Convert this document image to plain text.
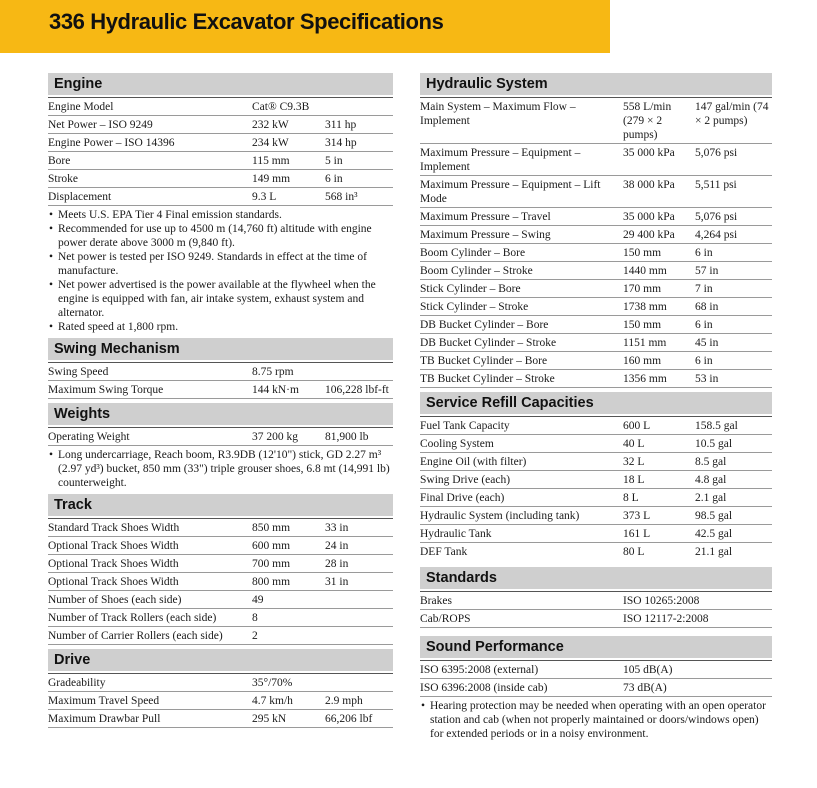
336 Hydraulic Excavator Specifications
Engine
Engine Model	Cat® C9.3B	
Net Power – ISO 9249	232 kW	311 hp
Engine Power – ISO 14396	234 kW	314 hp
Bore	115 mm	5 in
Stroke	149 mm	6 in
Displacement	9.3 L	568 in³
• Meets U.S. EPA Tier 4 Final emission standards.
• Recommended for use up to 4500 m (14,760 ft) altitude with engine power derate above 3000 m (9,840 ft).
• Net power is tested per ISO 9249. Standards in effect at the time of manufacture.
• Net power advertised is the power available at the flywheel when the engine is equipped with fan, air intake system, exhaust system and alternator.
• Rated speed at 1,800 rpm.
Swing Mechanism
Swing Speed	8.75 rpm	
Maximum Swing Torque	144 kN·m	106,228 lbf-ft
Weights
Operating Weight	37 200 kg	81,900 lb
• Long undercarriage, Reach boom, R3.9DB (12'10") stick, GD 2.27 m³ (2.97 yd³) bucket, 850 mm (33") triple grouser shoes, 6.8 mt (14,991 lb) counterweight.
Track
Standard Track Shoes Width	850 mm	33 in
Optional Track Shoes Width	600 mm	24 in
Optional Track Shoes Width	700 mm	28 in
Optional Track Shoes Width	800 mm	31 in
Number of Shoes (each side)	49	
Number of Track Rollers (each side)	8	
Number of Carrier Rollers (each side)	2	
Drive
Gradeability	35°/70%	
Maximum Travel Speed	4.7 km/h	2.9 mph
Maximum Drawbar Pull	295 kN	66,206 lbf
Hydraulic System
Main System – Maximum Flow – Implement	558 L/min (279 × 2 pumps)	147 gal/min (74 × 2 pumps)
Maximum Pressure – Equipment – Implement	35 000 kPa	5,076 psi
Maximum Pressure – Equipment – Lift Mode	38 000 kPa	5,511 psi
Maximum Pressure – Travel	35 000 kPa	5,076 psi
Maximum Pressure – Swing	29 400 kPa	4,264 psi
Boom Cylinder – Bore	150 mm	6 in
Boom Cylinder – Stroke	1440 mm	57 in
Stick Cylinder – Bore	170 mm	7 in
Stick Cylinder – Stroke	1738 mm	68 in
DB Bucket Cylinder – Bore	150 mm	6 in
DB Bucket Cylinder – Stroke	1151 mm	45 in
TB Bucket Cylinder – Bore	160 mm	6 in
TB Bucket Cylinder – Stroke	1356 mm	53 in
Service Refill Capacities
Fuel Tank Capacity	600 L	158.5 gal
Cooling System	40 L	10.5 gal
Engine Oil (with filter)	32 L	8.5 gal
Swing Drive (each)	18 L	4.8 gal
Final Drive (each)	8 L	2.1 gal
Hydraulic System (including tank)	373 L	98.5 gal
Hydraulic Tank	161 L	42.5 gal
DEF Tank	80 L	21.1 gal
Standards
Brakes	ISO 10265:2008
Cab/ROPS	ISO 12117-2:2008
Sound Performance
ISO 6395:2008 (external)	105 dB(A)
ISO 6396:2008 (inside cab)	73 dB(A)
• Hearing protection may be needed when operating with an open operator station and cab (when not properly maintained or doors/windows open) for extended periods or in a noisy environment.
